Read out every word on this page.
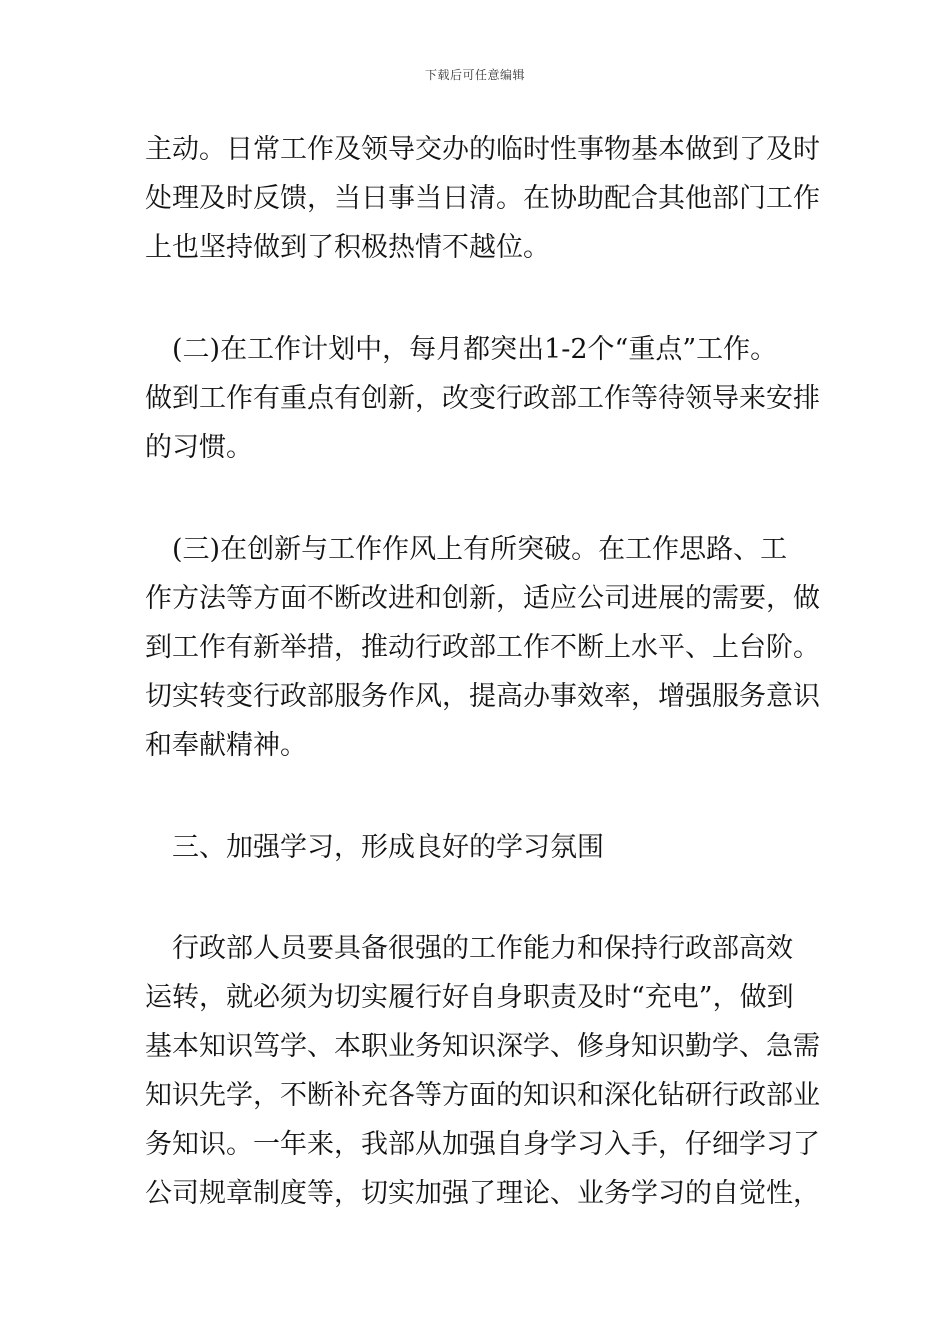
下载后可任意编辑
主动。日常工作及领导交办的临时性事物基本做到了及时
处理及时反馈，当日事当日清。在协助配合其他部门工作
上也坚持做到了积极热情不越位。
　(二)在工作计划中，每月都突出1-2个“重点”工作。
做到工作有重点有创新，改变行政部工作等待领导来安排
的习惯。
　(三)在创新与工作作风上有所突破。在工作思路、工
作方法等方面不断改进和创新，适应公司进展的需要，做
到工作有新举措，推动行政部工作不断上水平、上台阶。
切实转变行政部服务作风，提高办事效率，增强服务意识
和奉献精神。
　三、加强学习，形成良好的学习氛围
　行政部人员要具备很强的工作能力和保持行政部高效
运转，就必须为切实履行好自身职责及时“充电”，做到
基本知识笃学、本职业务知识深学、修身知识勤学、急需
知识先学，不断补充各等方面的知识和深化钻研行政部业
务知识。一年来，我部从加强自身学习入手，仔细学习了
公司规章制度等，切实加强了理论、业务学习的自觉性，
